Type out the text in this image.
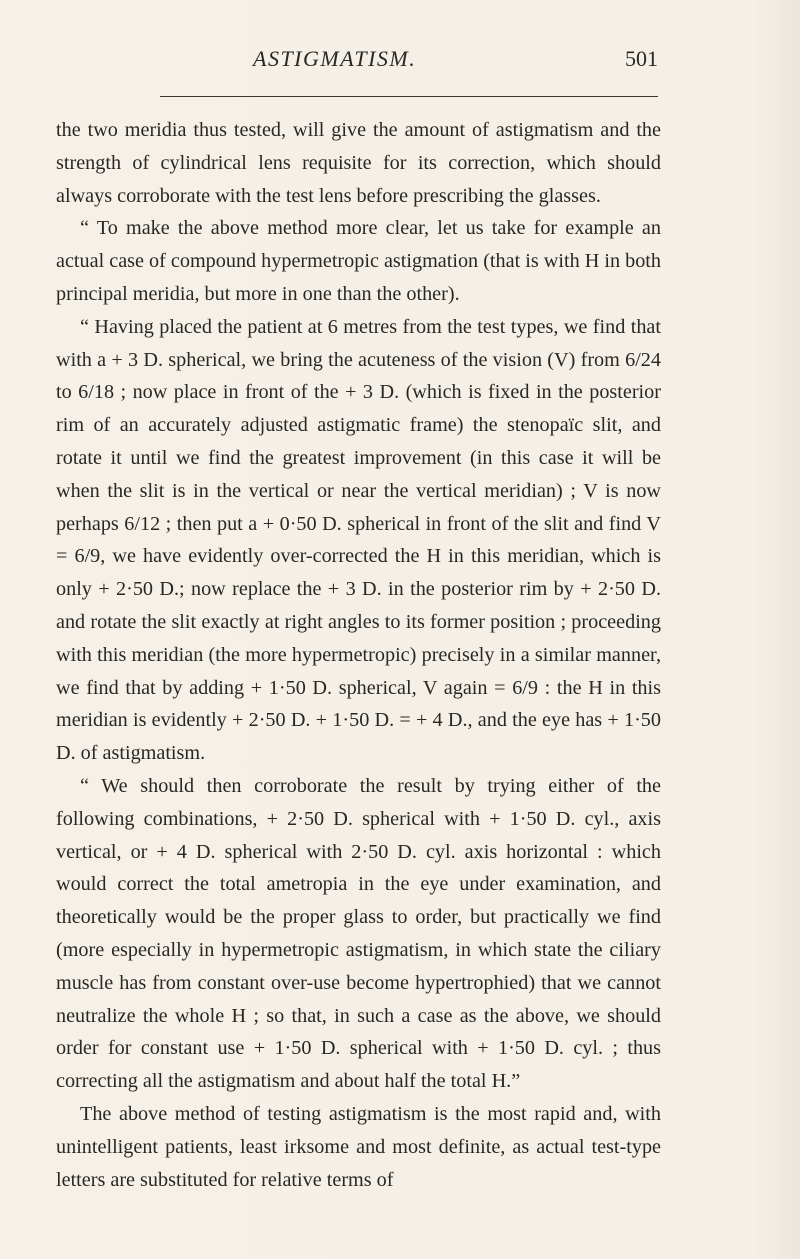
ASTIGMATISM.	501

the two meridia thus tested, will give the amount of astigmatism and the strength of cylindrical lens requisite for its correction, which should always corroborate with the test lens before prescribing the glasses.

“ To make the above method more clear, let us take for example an actual case of compound hypermetropic astigmation (that is with H in both principal meridia, but more in one than the other).

“ Having placed the patient at 6 metres from the test types, we find that with a + 3 D. spherical, we bring the acuteness of the vision (V) from 6/24 to 6/18 ; now place in front of the + 3 D. (which is fixed in the posterior rim of an accurately adjusted astigmatic frame) the stenopaïc slit, and rotate it until we find the greatest improvement (in this case it will be when the slit is in the vertical or near the vertical meridian) ; V is now perhaps 6/12 ; then put a + 0·50 D. spherical in front of the slit and find V = 6/9, we have evidently over-corrected the H in this meridian, which is only + 2·50 D.; now replace the + 3 D. in the posterior rim by + 2·50 D. and rotate the slit exactly at right angles to its former position ; proceeding with this meridian (the more hypermetropic) precisely in a similar manner, we find that by adding + 1·50 D. spherical, V again = 6/9 : the H in this meridian is evidently + 2·50 D. + 1·50 D. = + 4 D., and the eye has + 1·50 D. of astigmatism.

“ We should then corroborate the result by trying either of the following combinations, + 2·50 D. spherical with + 1·50 D. cyl., axis vertical, or + 4 D. spherical with 2·50 D. cyl. axis horizontal : which would correct the total ametropia in the eye under examination, and theoretically would be the proper glass to order, but practically we find (more especially in hypermetropic astigmatism, in which state the ciliary muscle has from constant over-use become hypertrophied) that we cannot neutralize the whole H ; so that, in such a case as the above, we should order for constant use + 1·50 D. spherical with + 1·50 D. cyl. ; thus correcting all the astigmatism and about half the total H.”

The above method of testing astigmatism is the most rapid and, with unintelligent patients, least irksome and most definite, as actual test-type letters are substituted for relative terms of
